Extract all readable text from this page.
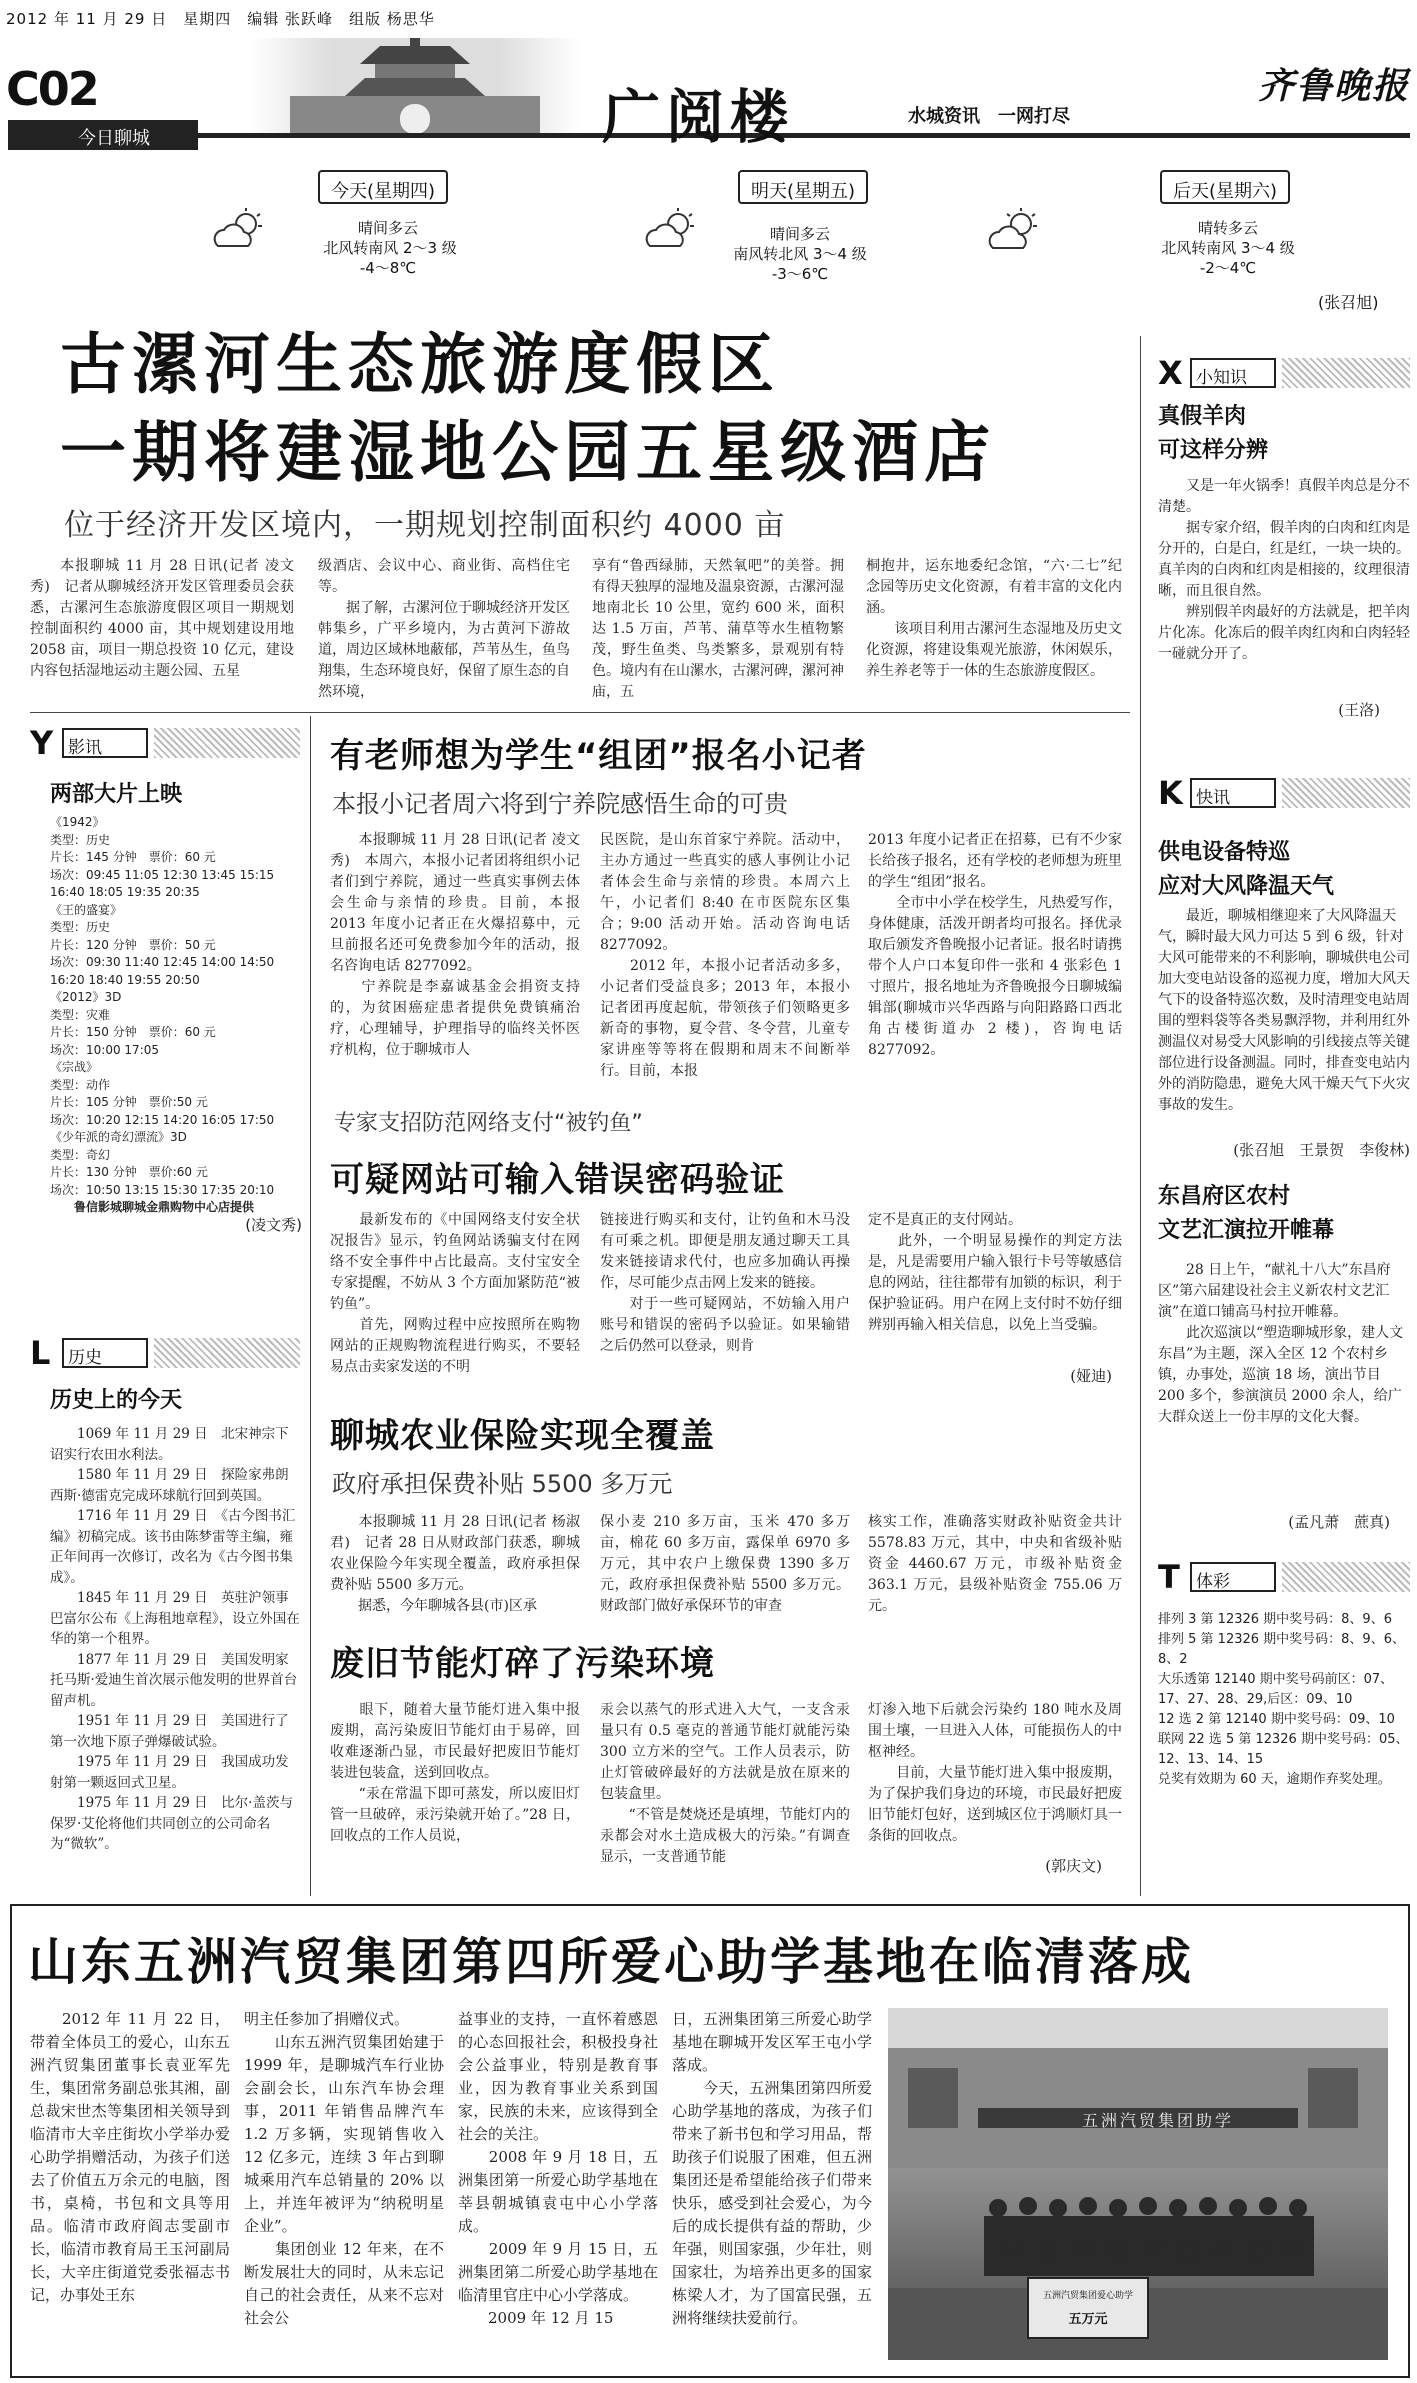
2012 年 11 月 29 日　星期四　编辑 张跃峰　组版 杨思华
C02
今日聊城	广阅楼	水城资讯　一网打尽
齐鲁晚报
今天(星期四)
晴间多云
北风转南风 2～3 级
-4～8℃
明天(星期五)
晴间多云
南风转北风 3～4 级
-3～6℃
后天(星期六)
晴转多云
北风转南风 3～4 级
-2～4℃
(张召旭)
古漯河生态旅游度假区
一期将建湿地公园五星级酒店
位于经济开发区境内，一期规划控制面积约 4000 亩
　　本报聊城 11 月 28 日讯(记者 凌文秀)　记者从聊城经济开发区管理委员会获悉，古漯河生态旅游度假区项目一期规划控制面积约 4000 亩，其中规划建设用地 2058 亩，项目一期总投资 10 亿元，建设内容包括湿地运动主题公园、五星
级酒店、会议中心、商业街、高档住宅等。
　　据了解，古漯河位于聊城经济开发区韩集乡，广平乡境内，为古黄河下游故道，周边区域林地蔽郁，芦苇丛生，鱼鸟翔集，生态环境良好，保留了原生态的自然环境，
享有“鲁西绿肺，天然氧吧”的美誉。拥有得天独厚的湿地及温泉资源，古漯河湿地南北长 10 公里，宽约 600 米，面积达 1.5 万亩，芦苇、蒲草等水生植物繁茂，野生鱼类、鸟类繁多，景观别有特色。境内有在山漯水，古漯河碑，漯河神庙，五
桐抱井，运东地委纪念馆，“六·二七”纪念园等历史文化资源，有着丰富的文化内涵。
　　该项目利用古漯河生态湿地及历史文化资源，将建设集观光旅游，休闲娱乐，养生养老等于一体的生态旅游度假区。
X 小知识
真假羊肉
可这样分辨
　　又是一年火锅季！真假羊肉总是分不清楚。
　　据专家介绍，假羊肉的白肉和红肉是分开的，白是白，红是红，一块一块的。真羊肉的白肉和红肉是相接的，纹理很清晰，而且很自然。
　　辨别假羊肉最好的方法就是，把羊肉片化冻。化冻后的假羊肉红肉和白肉轻轻一碰就分开了。
(王洛)
K 快讯
供电设备特巡
应对大风降温天气
　　最近，聊城相继迎来了大风降温天气，瞬时最大风力可达 5 到 6 级，针对大风可能带来的不利影响，聊城供电公司加大变电站设备的巡视力度，增加大风天气下的设备特巡次数，及时清理变电站周围的塑料袋等各类易飘浮物，并利用红外测温仪对易受大风影响的引线接点等关键部位进行设备测温。同时，排查变电站内外的消防隐患，避免大风干燥天气下火灾事故的发生。
(张召旭　王景贺　李俊林)
东昌府区农村
文艺汇演拉开帷幕
　　28 日上午，“献礼十八大”东昌府区”第六届建设社会主义新农村文艺汇演”在道口铺高马村拉开帷幕。
　　此次巡演以“塑造聊城形象，建人文东昌”为主题，深入全区 12 个农村乡镇，办事处，巡演 18 场，演出节目 200 多个，参演演员 2000 余人，给广大群众送上一份丰厚的文化大餐。
(孟凡萧　蔗真)
T 体彩
排列 3 第 12326 期中奖号码：8、9、6
排列 5 第 12326 期中奖号码：8、9、6、8、2
大乐透第 12140 期中奖号码前区：07、17、27、28、29,后区：09、10
12 选 2 第 12140 期中奖号码：09、10
联网 22 选 5 第 12326 期中奖号码：05、12、13、14、15
兑奖有效期为 60 天，逾期作弃奖处理。
Y 影讯
两部大片上映
《1942》
类型：历史
片长：145 分钟　票价：60 元
场次：09:45 11:05 12:30 13:45 15:15
16:40 18:05 19:35 20:35
《王的盛宴》
类型：历史
片长：120 分钟　票价：50 元
场次：09:30 11:40 12:45 14:00 14:50
16:20 18:40 19:55 20:50
《2012》3D
类型：灾难
片长：150 分钟　票价：60 元
场次：10:00 17:05
《宗战》
类型：动作
片长：105 分钟　票价:50 元
场次：10:20 12:15 14:20 16:05 17:50
《少年派的奇幻漂流》3D
类型：奇幻
片长：130 分钟　票价:60 元
场次：10:50 13:15 15:30 17:35 20:10
　　鲁信影城聊城金鼎购物中心店提供
(凌文秀)
L	历史
历史上的今天
　　1069 年 11 月 29 日　北宋神宗下诏实行农田水利法。
　　1580 年 11 月 29 日　探险家弗朗西斯·德雷克完成环球航行回到英国。
　　1716 年 11 月 29 日　《古今图书汇编》初稿完成。该书由陈梦雷等主编，雍正年间再一次修订，改名为《古今图书集成》。
　　1845 年 11 月 29 日　英驻沪领事巴富尔公布《上海租地章程》，设立外国在华的第一个租界。
　　1877 年 11 月 29 日　美国发明家托马斯·爱迪生首次展示他发明的世界首台留声机。
　　1951 年 11 月 29 日　美国进行了第一次地下原子弹爆破试验。
　　1975 年 11 月 29 日　我国成功发射第一颗返回式卫星。
　　1975 年 11 月 29 日　比尔·盖茨与保罗·艾伦将他们共同创立的公司命名为“微软”。
有老师想为学生“组团”报名小记者
本报小记者周六将到宁养院感悟生命的可贵
　　本报聊城 11 月 28 日讯(记者 凌文秀)　本周六，本报小记者团将组织小记者们到宁养院，通过一些真实事例去体会生命与亲情的珍贵。目前，本报 2013 年度小记者正在火爆招募中，元旦前报名还可免费参加今年的活动，报名咨询电话 8277092。
　　宁养院是李嘉诚基金会捐资支持的，为贫困癌症患者提供免费镇痛治疗，心理辅导，护理指导的临终关怀医疗机构，位于聊城市人
民医院，是山东首家宁养院。活动中，主办方通过一些真实的感人事例让小记者体会生命与亲情的珍贵。本周六上午，小记者们 8:40 在市医院东区集合；9:00 活动开始。活动咨询电话 8277092。
　　2012 年，本报小记者活动多多，小记者们受益良多；2013 年，本报小记者团再度起航，带领孩子们领略更多新奇的事物，夏令营、冬令营，儿童专家讲座等等将在假期和周末不间断举行。目前，本报
2013 年度小记者正在招募，已有不少家长给孩子报名，还有学校的老师想为班里的学生“组团”报名。
　　全市中小学在校学生，凡热爱写作，身体健康，活泼开朗者均可报名。择优录取后颁发齐鲁晚报小记者证。报名时请携带个人户口本复印件一张和 4 张彩色 1 寸照片，报名地址为齐鲁晚报今日聊城编辑部(聊城市兴华西路与向阳路路口西北角古楼街道办 2 楼)，咨询电话 8277092。
专家支招防范网络支付“被钓鱼”
可疑网站可输入错误密码验证
　　最新发布的《中国网络支付安全状况报告》显示，钓鱼网站诱骗支付在网络不安全事件中占比最高。支付宝安全专家提醒，不妨从 3 个方面加紧防范“被钓鱼”。
　　首先，网购过程中应按照所在购物网站的正规购物流程进行购买，不要轻易点击卖家发送的不明
链接进行购买和支付，让钓鱼和木马没有可乘之机。即便是朋友通过聊天工具发来链接请求代付，也应多加确认再操作，尽可能少点击网上发来的链接。
　　对于一些可疑网站，不妨输入用户账号和错误的密码予以验证。如果输错之后仍然可以登录，则肯
定不是真正的支付网站。
　　此外，一个明显易操作的判定方法是，凡是需要用户输入银行卡号等敏感信息的网站，往往都带有加锁的标识，利于保护验证码。用户在网上支付时不妨仔细辨别再输入相关信息，以免上当受骗。
(娅迪)
聊城农业保险实现全覆盖
政府承担保费补贴 5500 多万元
　　本报聊城 11 月 28 日讯(记者 杨淑君)　记者 28 日从财政部门获悉，聊城农业保险今年实现全覆盖，政府承担保费补贴 5500 多万元。
　　据悉，今年聊城各县(市)区承
保小麦 210 多万亩，玉米 470 多万亩，棉花 60 多万亩，露保单 6970 多万元，其中农户上缴保费 1390 多万元，政府承担保费补贴 5500 多万元。财政部门做好承保环节的审查
核实工作，准确落实财政补贴资金共计 5578.83 万元，其中，中央和省级补贴资金 4460.67 万元，市级补贴资金 363.1 万元，县级补贴资金 755.06 万元。
废旧节能灯碎了污染环境
　　眼下，随着大量节能灯进入集中报废期，高污染废旧节能灯由于易碎，回收难逐渐凸显，市民最好把废旧节能灯装进包装盒，送到回收点。
　　“汞在常温下即可蒸发，所以废旧灯管一旦破碎，汞污染就开始了。”28 日，回收点的工作人员说，
汞会以蒸气的形式进入大气，一支含汞量只有 0.5 毫克的普通节能灯就能污染 300 立方米的空气。工作人员表示，防止灯管破碎最好的方法就是放在原来的包装盒里。
　　“不管是焚烧还是填埋，节能灯内的汞都会对水土造成极大的污染。”有调查显示，一支普通节能
灯渗入地下后就会污染约 180 吨水及周围土壤，一旦进入人体，可能损伤人的中枢神经。
　　目前，大量节能灯进入集中报废期，为了保护我们身边的环境，市民最好把废旧节能灯包好，送到城区位于鸿顺灯具一条街的回收点。
(郭庆文)
山东五洲汽贸集团第四所爱心助学基地在临清落成
　　2012 年 11 月 22 日，带着全体员工的爱心，山东五洲汽贸集团董事长袁亚军先生，集团常务副总张其湘，副总裁宋世杰等集团相关领导到临清市大辛庄街坎小学举办爱心助学捐赠活动，为孩子们送去了价值五万余元的电脑，图书，桌椅，书包和文具等用品。临清市政府阎志雯副市长，临清市教育局王玉河副局长，大辛庄街道党委张福志书记，办事处王东
明主任参加了捐赠仪式。
　　山东五洲汽贸集团始建于 1999 年，是聊城汽车行业协会副会长，山东汽车协会理事，2011 年销售品牌汽车 1.2 万多辆，实现销售收入 12 亿多元，连续 3 年占到聊城乘用汽车总销量的 20% 以上，并连年被评为“纳税明星企业”。
　　集团创业 12 年来，在不断发展壮大的同时，从未忘记自己的社会责任，从来不忘对社会公
益事业的支持，一直怀着感恩的心态回报社会，积极投身社会公益事业，特别是教育事业，因为教育事业关系到国家，民族的未来，应该得到全社会的关注。
　　2008 年 9 月 18 日，五洲集团第一所爱心助学基地在莘县朝城镇袁屯中心小学落成。
　　2009 年 9 月 15 日，五洲集团第二所爱心助学基地在临清里官庄中心小学落成。
　　2009 年 12 月 15
日，五洲集团第三所爱心助学基地在聊城开发区军王屯小学落成。
　　今天，五洲集团第四所爱心助学基地的落成，为孩子们带来了新书包和学习用品，帮助孩子们说服了困难，但五洲集团还是希望能给孩子们带来快乐，感受到社会爱心，为今后的成长提供有益的帮助，少年强，则国家强，少年壮，则国家壮，为培养出更多的国家栋梁人才，为了国富民强，五洲将继续扶爱前行。
五洲汽贸集团助学
五洲汽贸集团爱心助学
五万元
